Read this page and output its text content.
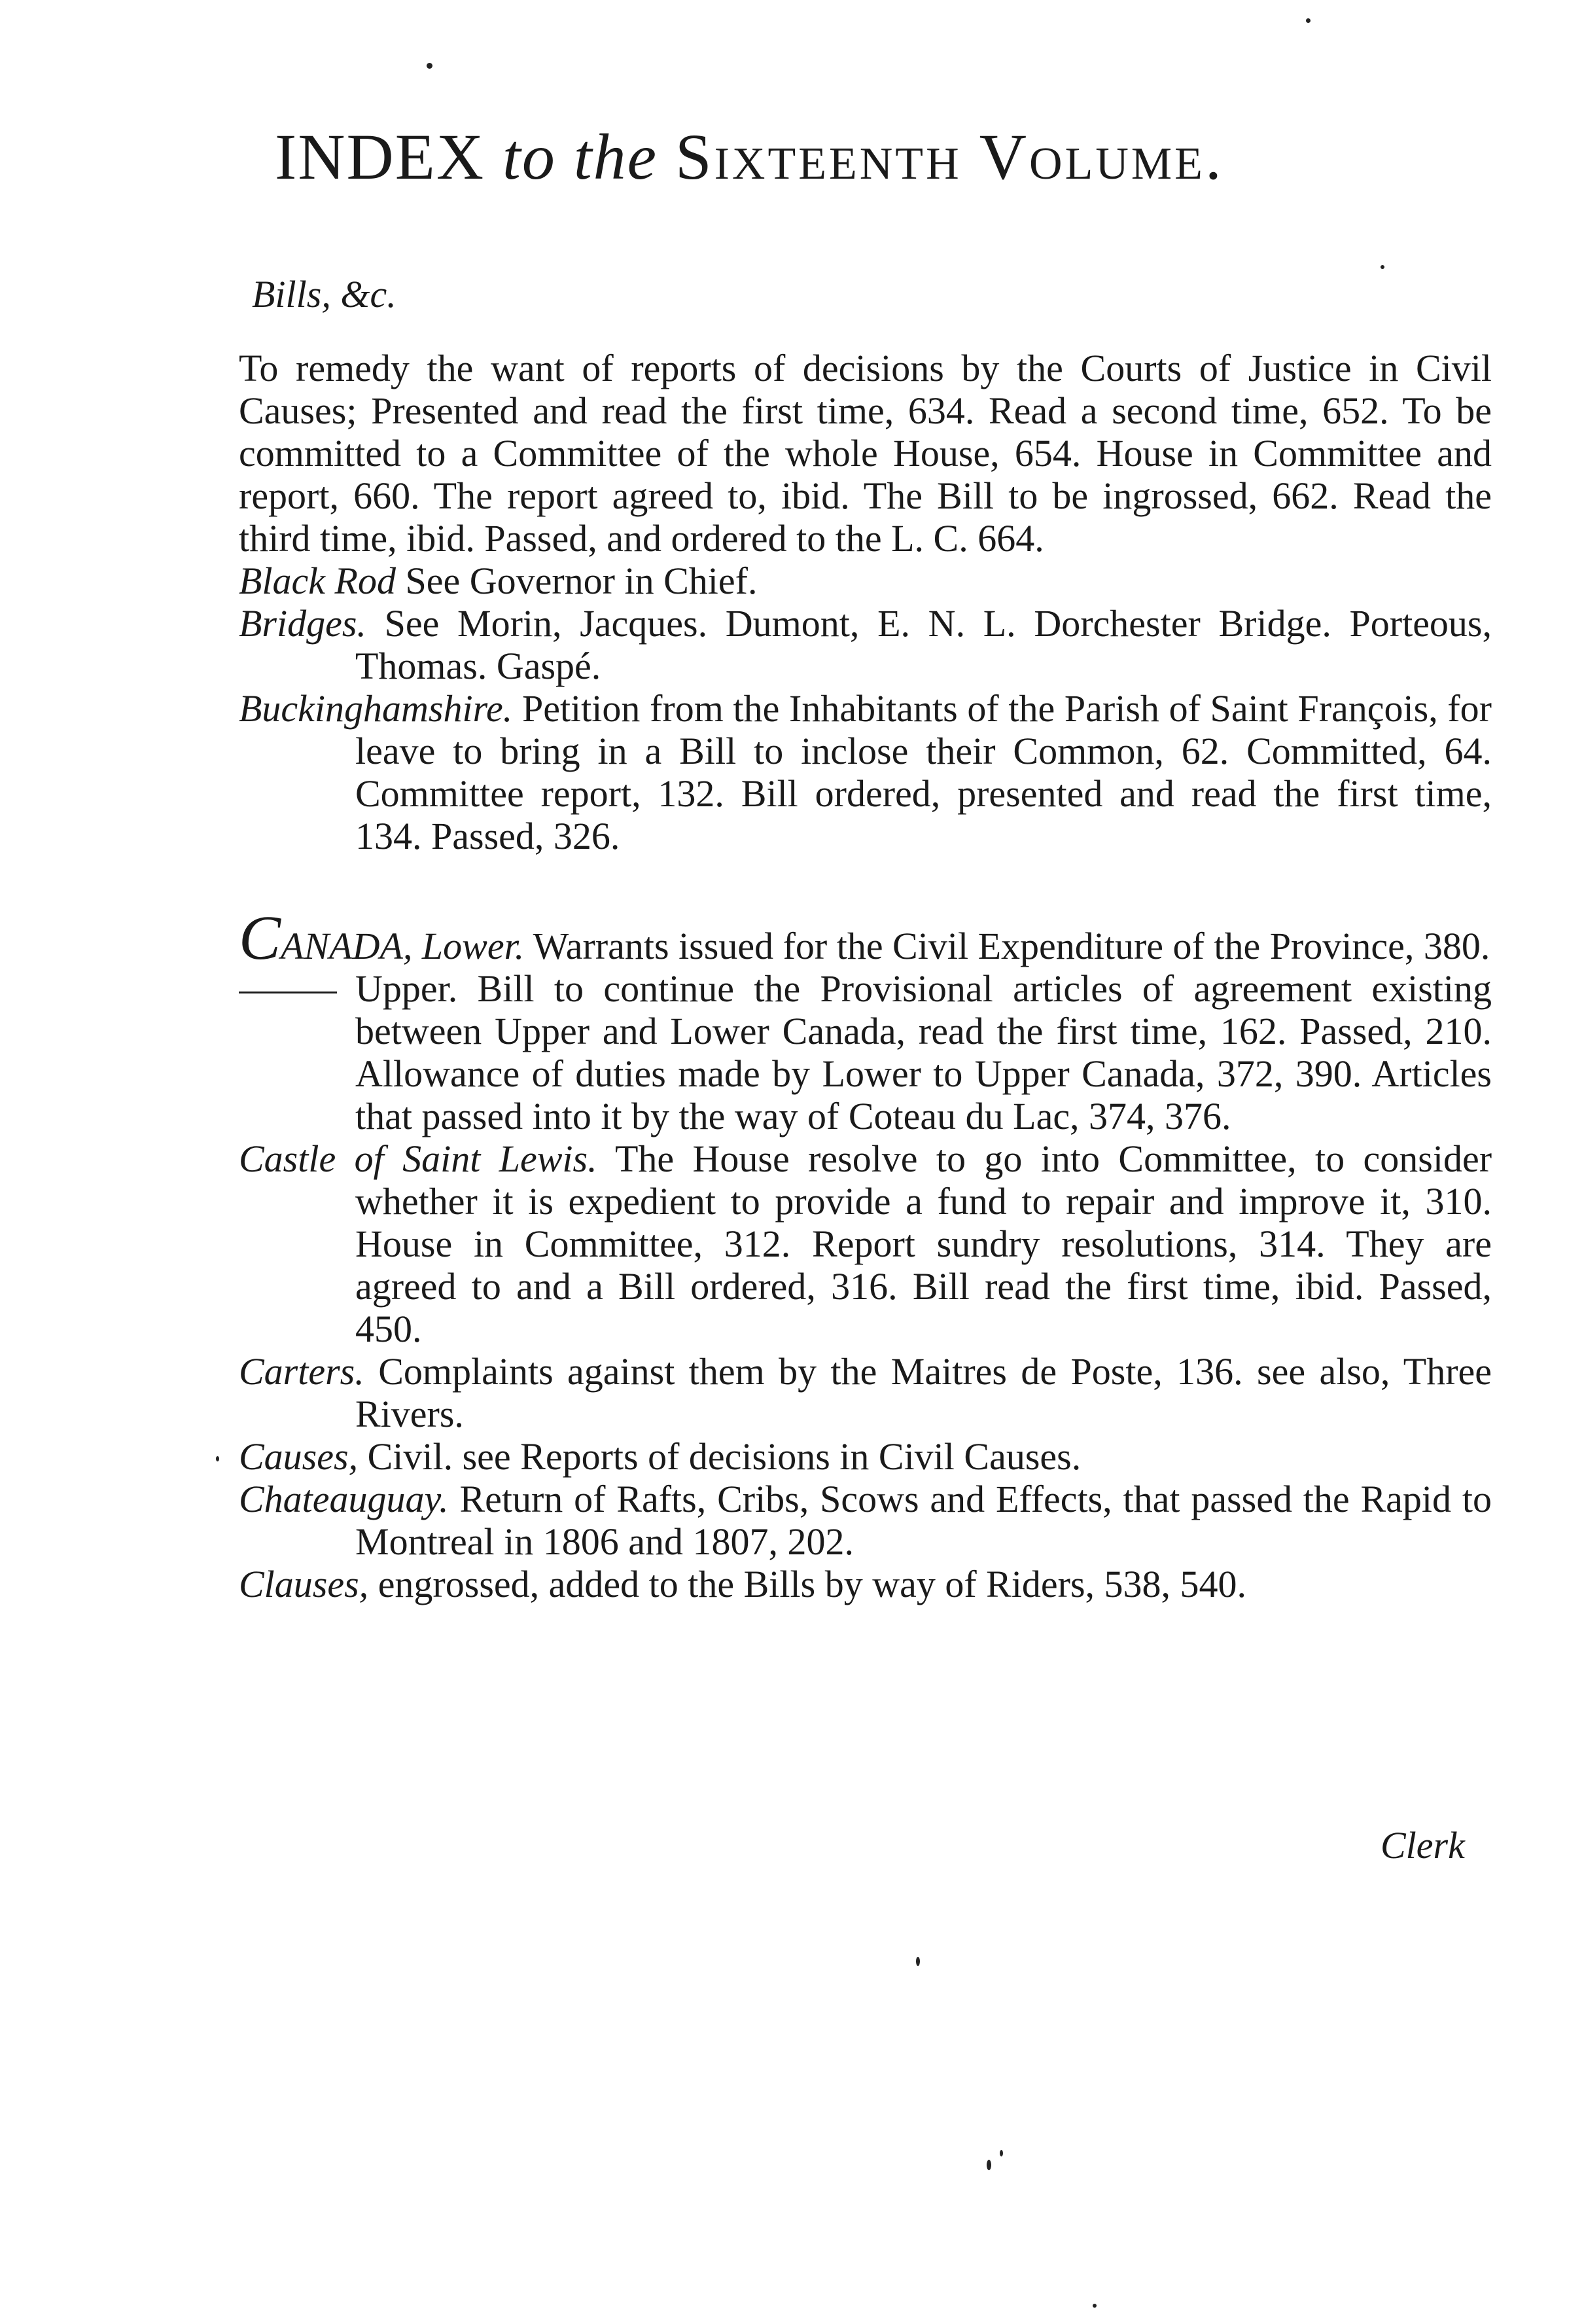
INDEX to the Sixteenth Volume.
Bills, &c.

To remedy the want of reports of decisions by the Courts of Justice in Civil Causes; Presented and read the first time, 634. Read a second time, 652. To be committed to a Committee of the whole House, 654. House in Committee and report, 660. The report agreed to, ibid. The Bill to be ingrossed, 662. Read the third time, ibid. Passed, and ordered to the L. C. 664.

Black Rod See Governor in Chief.

Bridges. See Morin, Jacques. Dumont, E. N. L. Dorchester Bridge. Porteous, Thomas. Gaspé.

Buckinghamshire. Petition from the Inhabitants of the Parish of Saint François, for leave to bring in a Bill to inclose their Common, 62. Committed, 64. Committee report, 132. Bill ordered, presented and read the first time, 134. Passed, 326.

CANADA, Lower. Warrants issued for the Civil Expenditure of the Province, 380.

Upper. Bill to continue the Provisional articles of agreement existing between Upper and Lower Canada, read the first time, 162. Passed, 210. Allowance of duties made by Lower to Upper Canada, 372, 390. Articles that passed into it by the way of Coteau du Lac, 374, 376.

Castle of Saint Lewis. The House resolve to go into Committee, to consider whether it is expedient to provide a fund to repair and improve it, 310. House in Committee, 312. Report sundry resolutions, 314. They are agreed to and a Bill ordered, 316. Bill read the first time, ibid. Passed, 450.

Carters. Complaints against them by the Maitres de Poste, 136. see also, Three Rivers.

Causes, Civil. see Reports of decisions in Civil Causes.

Chateauguay. Return of Rafts, Cribs, Scows and Effects, that passed the Rapid to Montreal in 1806 and 1807, 202.

Clauses, engrossed, added to the Bills by way of Riders, 538, 540.

Clerk
